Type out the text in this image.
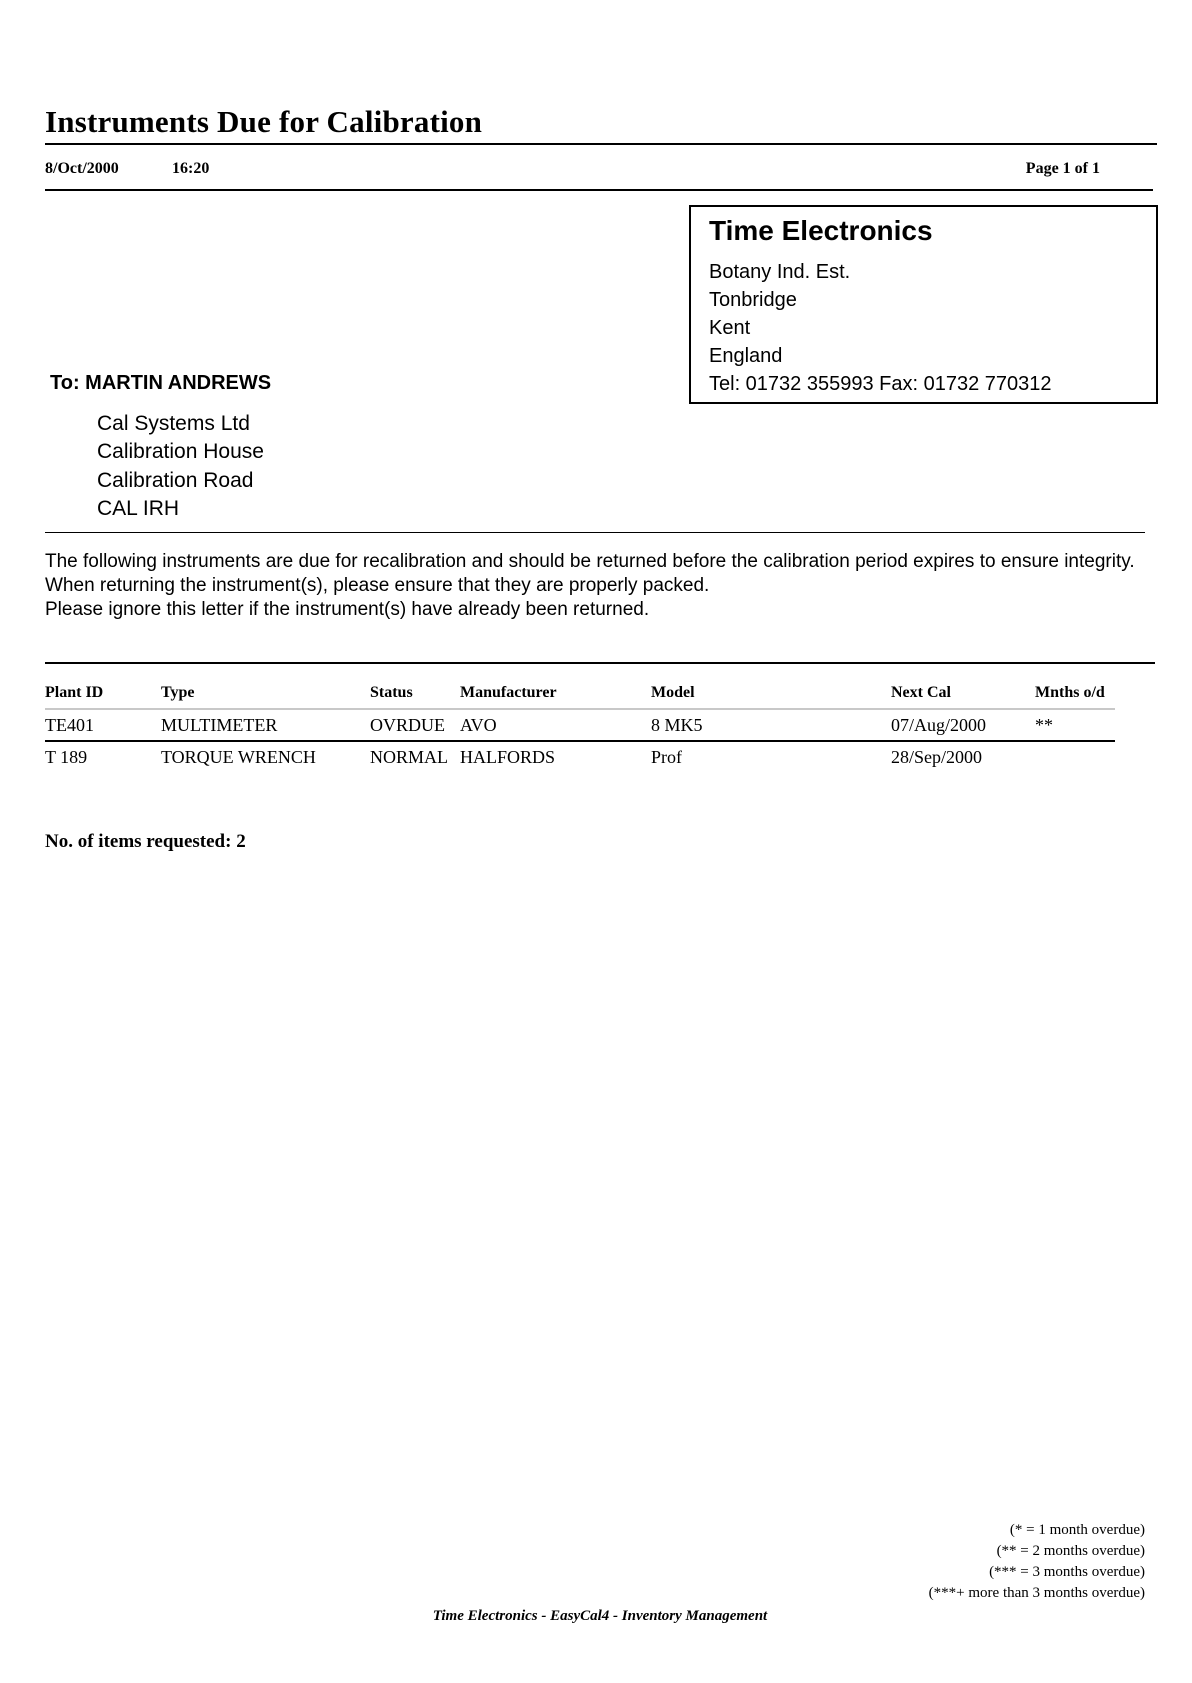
Instruments Due for Calibration
8/Oct/2000	16:20	Page 1 of 1
Time Electronics
Botany Ind. Est.
Tonbridge
Kent
England
Tel: 01732 355993 Fax: 01732 770312
To: MARTIN ANDREWS
Cal Systems Ltd
Calibration House
Calibration Road
CAL IRH

The following instruments are due for recalibration and should be returned before the calibration period expires to ensure integrity. When returning the instrument(s), please ensure that they are properly packed.

Please ignore this letter if the instrument(s) have already been returned.

Plant ID	Type	Status	Manufacturer	Model	Next Cal	Mnths o/d
TE401	MULTIMETER	OVRDUE	AVO	8 MK5	07/Aug/2000	**
T 189	TORQUE WRENCH	NORMAL	HALFORDS	Prof	28/Sep/2000	
No. of items requested: 2
(* = 1 month overdue)
(** = 2 months overdue)
(*** = 3 months overdue)
(***+ more than 3 months overdue)
Time Electronics - EasyCal4 - Inventory Management
